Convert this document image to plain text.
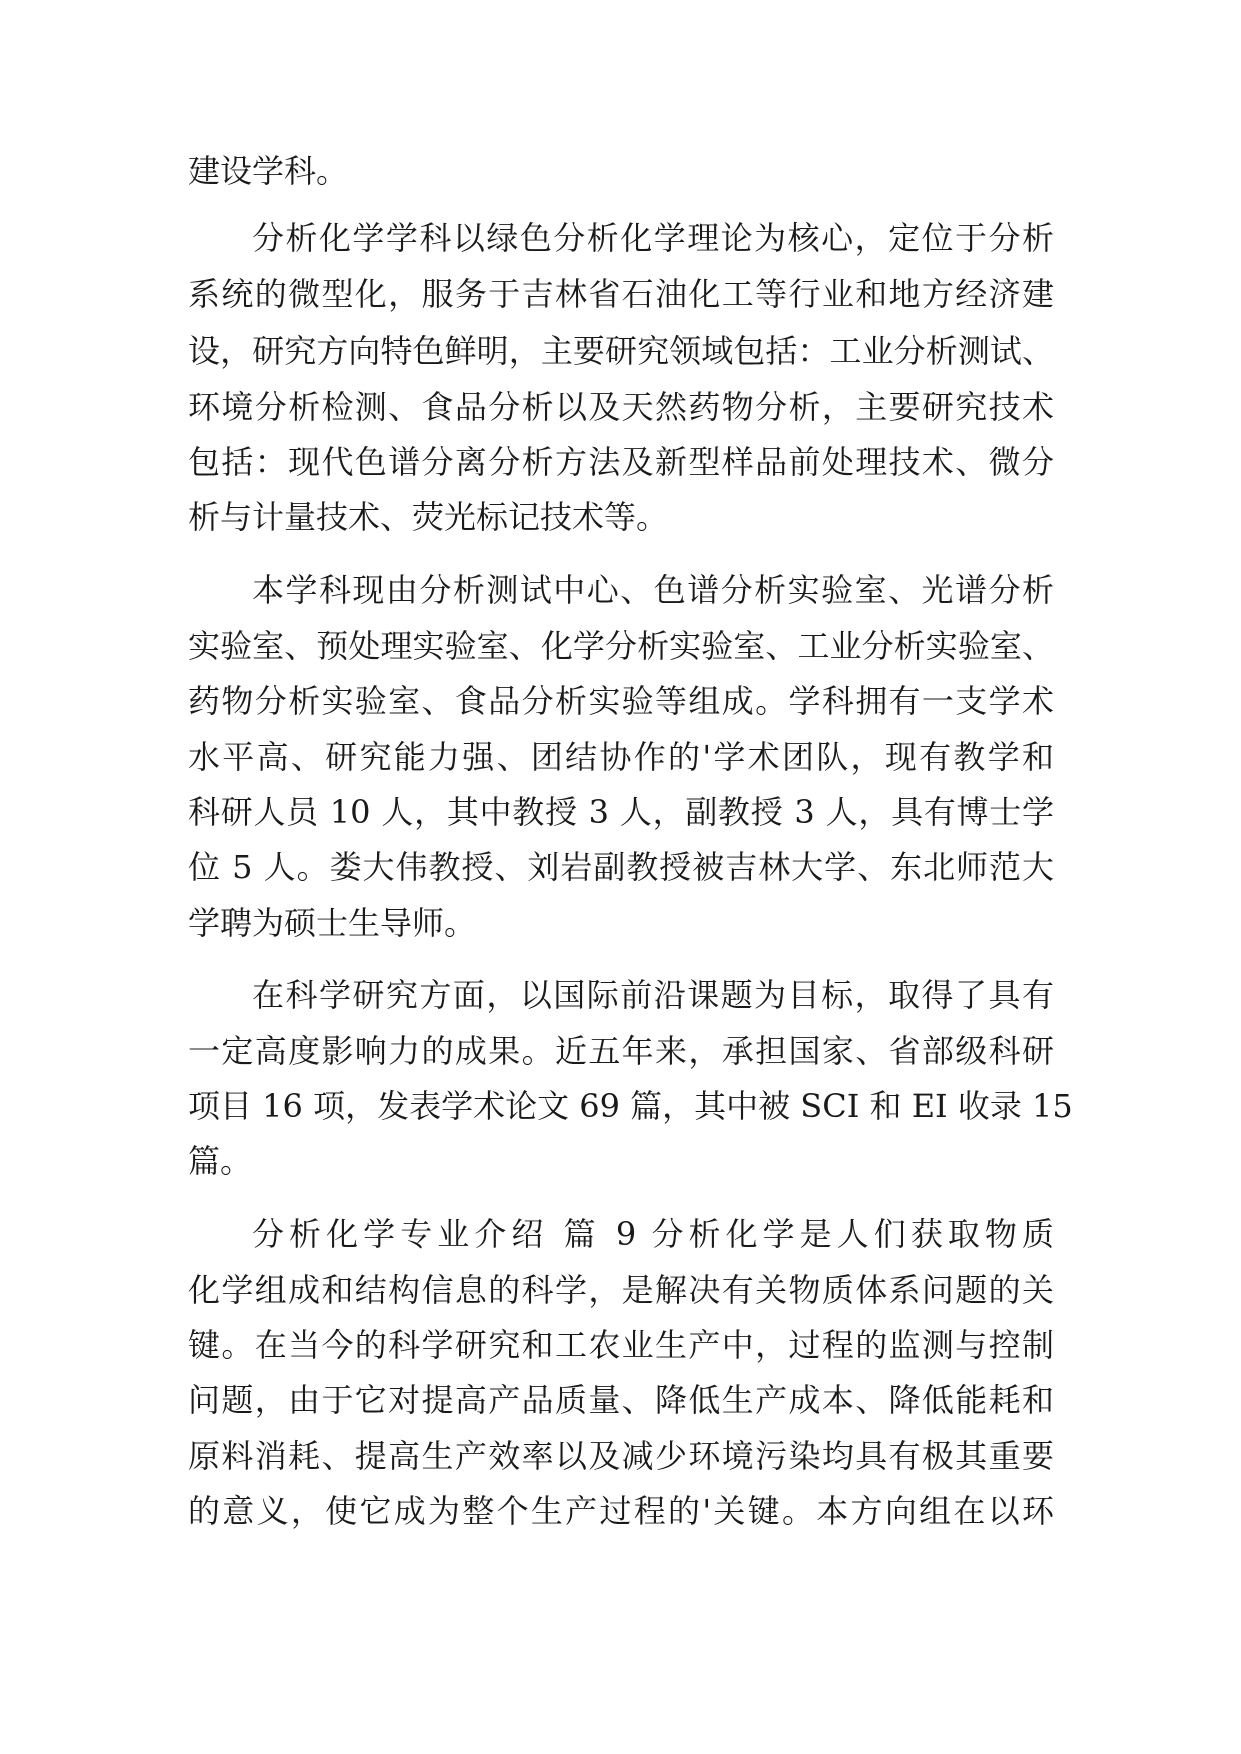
建设学科。
分析化学学科以绿色分析化学理论为核心，定位于分析
系统的微型化，服务于吉林省石油化工等行业和地方经济建
设，研究方向特色鲜明，主要研究领域包括：工业分析测试、
环境分析检测、食品分析以及天然药物分析，主要研究技术
包括：现代色谱分离分析方法及新型样品前处理技术、微分
析与计量技术、荧光标记技术等。
本学科现由分析测试中心、色谱分析实验室、光谱分析
实验室、预处理实验室、化学分析实验室、工业分析实验室、
药物分析实验室、食品分析实验等组成。学科拥有一支学术
水平高、研究能力强、团结协作的'学术团队，现有教学和
科研人员 10 人，其中教授 3 人，副教授 3 人，具有博士学
位 5 人。娄大伟教授、刘岩副教授被吉林大学、东北师范大
学聘为硕士生导师。
在科学研究方面，以国际前沿课题为目标，取得了具有
一定高度影响力的成果。近五年来，承担国家、省部级科研
项目 16 项，发表学术论文 69 篇，其中被 SCI 和 EI 收录 15
篇。
分析化学专业介绍 篇 9 分析化学是人们获取物质
化学组成和结构信息的科学，是解决有关物质体系问题的关
键。在当今的科学研究和工农业生产中，过程的监测与控制
问题，由于它对提高产品质量、降低生产成本、降低能耗和
原料消耗、提高生产效率以及减少环境污染均具有极其重要
的意义，使它成为整个生产过程的'关键。本方向组在以环
